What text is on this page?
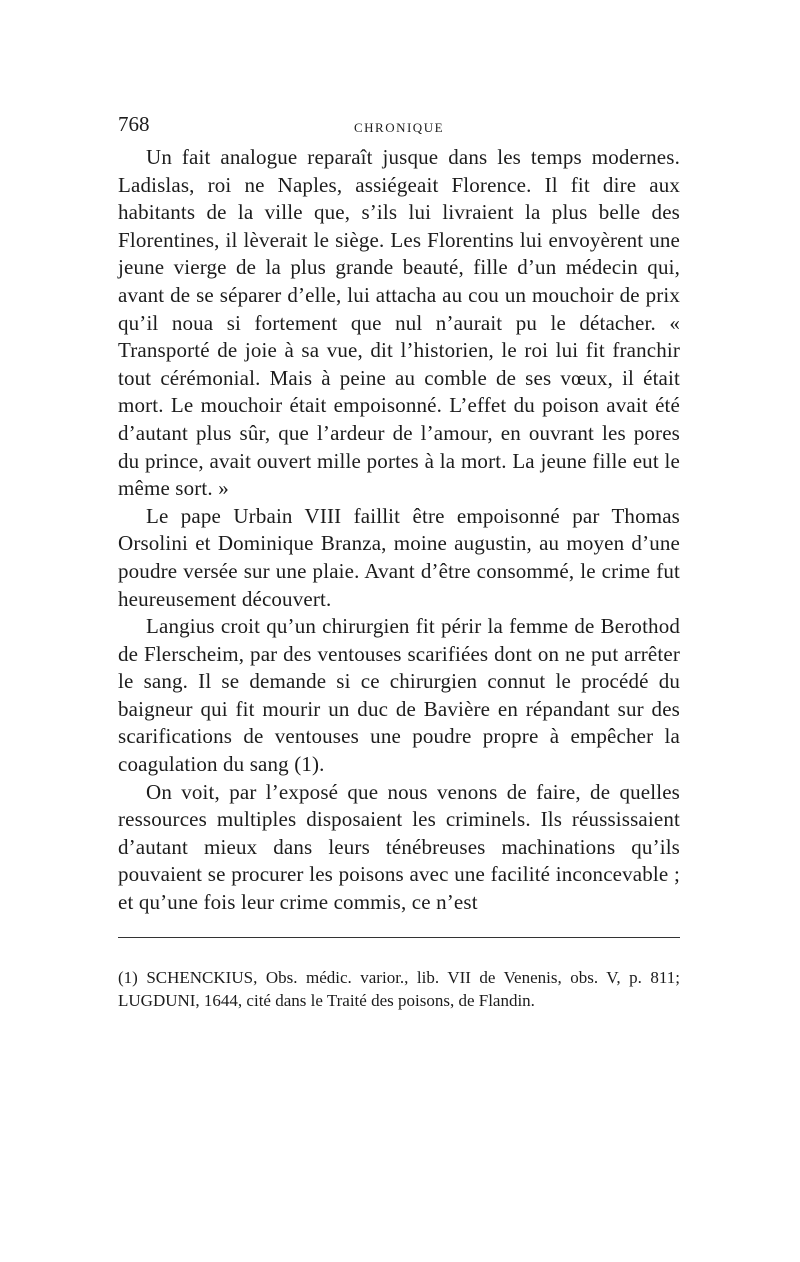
768	CHRONIQUE

Un fait analogue reparaît jusque dans les temps modernes. Ladislas, roi ne Naples, assiégeait Florence. Il fit dire aux habitants de la ville que, s’ils lui livraient la plus belle des Florentines, il lèverait le siège. Les Florentins lui envoyèrent une jeune vierge de la plus grande beauté, fille d’un médecin qui, avant de se séparer d’elle, lui attacha au cou un mouchoir de prix qu’il noua si fortement que nul n’aurait pu le détacher. « Transporté de joie à sa vue, dit l’historien, le roi lui fit franchir tout cérémonial. Mais à peine au comble de ses vœux, il était mort. Le mouchoir était empoisonné. L’effet du poison avait été d’autant plus sûr, que l’ardeur de l’amour, en ouvrant les pores du prince, avait ouvert mille portes à la mort. La jeune fille eut le même sort. »

Le pape Urbain VIII faillit être empoisonné par Thomas Orsolini et Dominique Branza, moine augustin, au moyen d’une poudre versée sur une plaie. Avant d’être consommé, le crime fut heureusement découvert.

Langius croit qu’un chirurgien fit périr la femme de Berothod de Flerscheim, par des ventouses scarifiées dont on ne put arrêter le sang. Il se demande si ce chirurgien connut le procédé du baigneur qui fit mourir un duc de Bavière en répandant sur des scarifications de ventouses une poudre propre à empêcher la coagulation du sang (1).

On voit, par l’exposé que nous venons de faire, de quelles ressources multiples disposaient les criminels. Ils réussissaient d’autant mieux dans leurs ténébreuses machinations qu’ils pouvaient se procurer les poisons avec une facilité inconcevable ; et qu’une fois leur crime commis, ce n’est

(1) SCHENCKIUS, Obs. médic. varior., lib. VII de Venenis, obs. V, p. 811; LUGDUNI, 1644, cité dans le Traité des poisons, de Flandin.
